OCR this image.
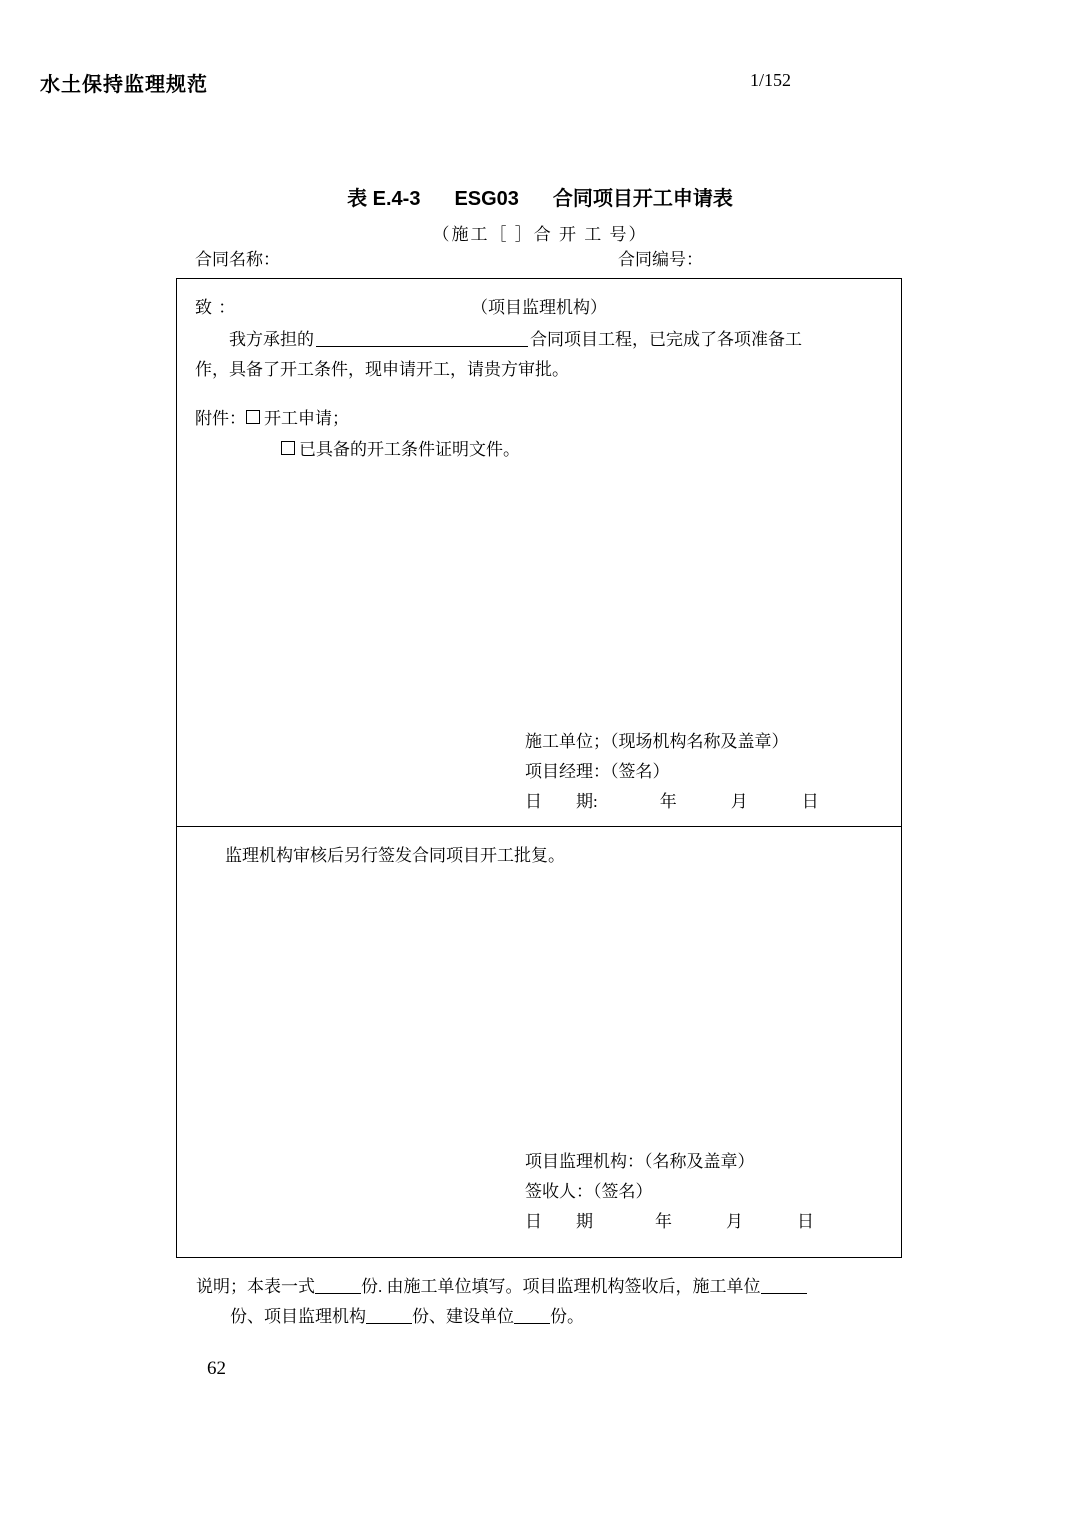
水土保持监理规范	1/152
表 E.4-3 ESG03 合同项目开工申请表
（施工［ ］合 开 工 号）
合同名称：	合同编号：
致 ：	（项目监理机构）
我方承担的	合同项目工程，已完成了各项准备工
作，具备了开工条件，现申请开工，请贵方审批。
附件： 开工申请；
已具备的开工条件证明文件。
施工单位；（现场机构名称及盖章）
项目经理：（签名）
日　　期:	年	月	日
监理机构审核后另行签发合同项目开工批复。
项目监理机构：（名称及盖章）
签收人：（签名）
日　　期	年	月	日
说明；本表一式	份. 由施工单位填写。项目监理机构签收后，施工单位
份、项目监理机构	份、建设单位 份。
62
